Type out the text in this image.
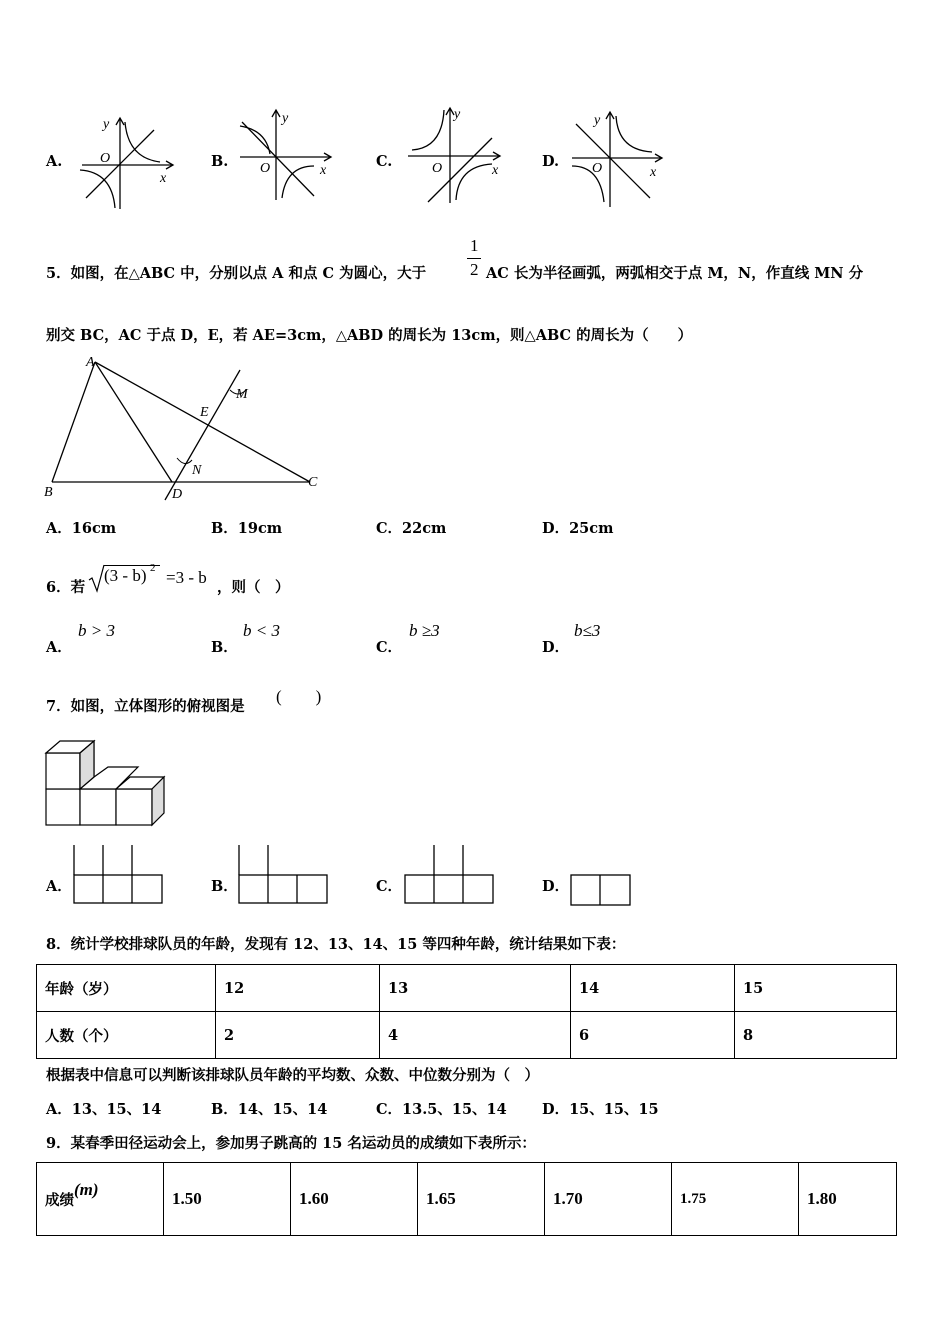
A.
y
x
O	B.
y
x
O	C.
y
x
O	D.
y
x
O
5．如图，在△ABC 中，分别以点 A 和点 C 为圆心，大于
1
2 AC 长为半径画弧，两弧相交于点 M，N，作直线 MN 分
别交 BC，AC 于点 D，E，若 AE=3cm，△ABD 的周长为 13cm，则△ABC 的周长为（　　）
A
B
C
D
E
M
N
A．16cm	B．19cm	C．22cm	D．25cm
6．若
(3 - b) 2 =3 - b
，则（　）
A．
b > 3
B．
b < 3
C．
b ≥3
D．
b≤3
7．如图，立体图形的俯视图是
(　　)
A．	B．	C．	D．
8．统计学校排球队员的年龄，发现有 12、13、14、15 等四种年龄，统计结果如下表：
年龄（岁）	12	13	14	15
人数（个）	2	4	6	8
根据表中信息可以判断该排球队员年龄的平均数、众数、中位数分别为（　）
A．13、15、14	B．14、15、14	C．13.5、15、14 D．15、15、15
9．某春季田径运动会上，参加男子跳高的 15 名运动员的成绩如下表所示：
成绩(m)	1.50	1.60	1.65	1.70	1.75	1.80
